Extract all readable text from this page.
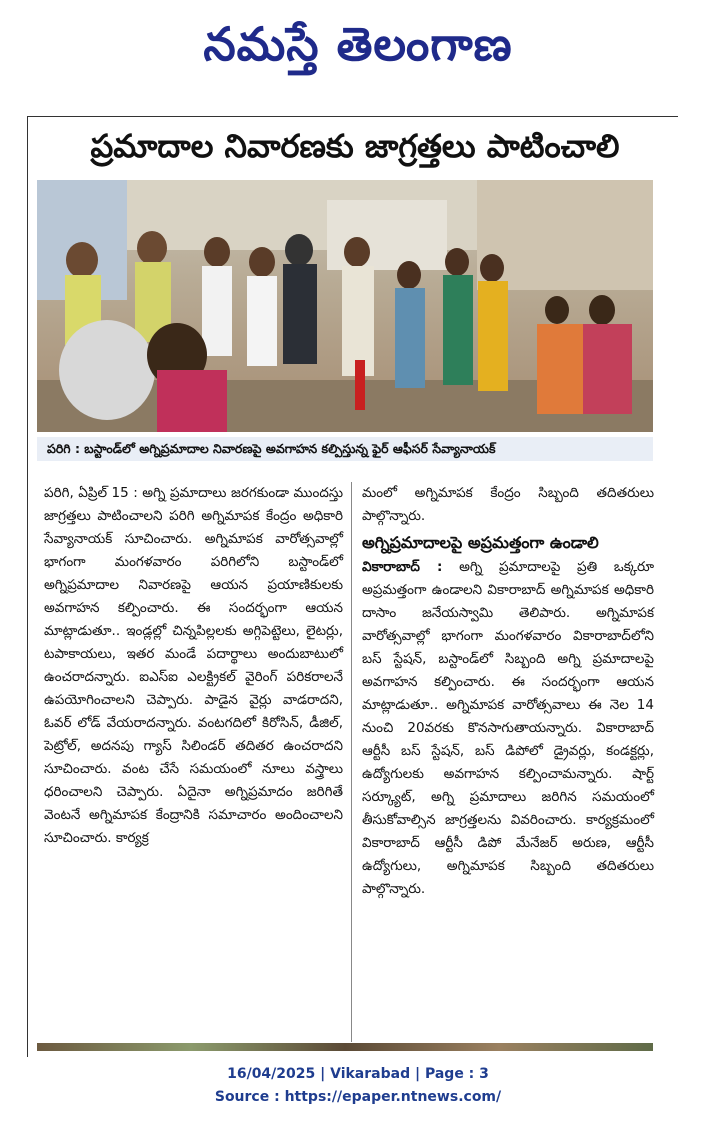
నమస్తే తెలంగాణ
ప్రమాదాల నివారణకు జాగ్రత్తలు పాటించాలి
పరిగి : బస్టాండ్‌లో అగ్నిప్రమాదాల నివారణపై అవగాహన కల్పిస్తున్న ఫైర్ ఆఫీసర్ సేవ్యానాయక్

పరిగి, ఏప్రిల్ 15 : అగ్ని ప్రమాదాలు జరగకుండా ముందస్తు జాగ్రత్తలు పాటించాలని పరిగి అగ్నిమాపక కేంద్రం అధికారి సేవ్యానాయక్ సూచించారు. అగ్నిమాపక వారోత్సవాల్లో భాగంగా మంగళవారం పరిగిలోని బస్టాండ్‌లో అగ్నిప్రమాదాల నివారణపై ఆయన ప్రయాణికులకు అవగాహన కల్పించారు. ఈ సందర్భంగా ఆయన మాట్లాడుతూ.. ఇండ్లల్లో చిన్నపిల్లలకు అగ్గిపెట్టెలు, లైటర్లు, టపాకాయలు, ఇతర మండే పదార్థాలు అందుబాటులో ఉంచరాదన్నారు. ఐఎస్ఐ ఎలక్ట్రికల్ వైరింగ్ పరికరాలనే ఉపయోగించాలని చెప్పారు. పాడైన వైర్లు వాడరాదని, ఓవర్ లోడ్ వేయరాదన్నారు. వంటగదిలో కిరోసిన్, డీజిల్, పెట్రోల్, అదనపు గ్యాస్ సిలిండర్ తదితర ఉంచరాదని సూచించారు. వంట చేసే సమయంలో నూలు వస్త్రాలు ధరించాలని చెప్పారు. ఏదైనా అగ్నిప్రమాదం జరిగితే వెంటనే అగ్నిమాపక కేంద్రానికి సమాచారం అందించాలని సూచించారు. కార్యక్ర

మంలో అగ్నిమాపక కేంద్రం సిబ్బంది తదితరులు పాల్గొన్నారు.

అగ్నిప్రమాదాలపై అప్రమత్తంగా ఉండాలి

వికారాబాద్ : అగ్ని ప్రమాదాలపై ప్రతి ఒక్కరూ అప్రమత్తంగా ఉండాలని వికారాబాద్ అగ్నిమాపక అధికారి దాసాం జనేయస్వామి తెలిపారు. అగ్నిమాపక వారోత్సవాల్లో భాగంగా మంగళవారం వికారాబాద్‌లోని బస్ స్టేషన్, బస్టాండ్‌లో సిబ్బంది అగ్ని ప్రమాదాలపై అవగాహన కల్పించారు. ఈ సందర్భంగా ఆయన మాట్లాడుతూ.. అగ్నిమాపక వారోత్సవాలు ఈ నెల 14 నుంచి 20వరకు కొనసాగుతాయన్నారు. వికారాబాద్ ఆర్టీసీ బస్ స్టేషన్, బస్ డిపోలో డ్రైవర్లు, కండక్టర్లు, ఉద్యోగులకు అవగాహన కల్పించామన్నారు. షార్ట్ సర్క్యూట్, అగ్ని ప్రమాదాలు జరిగిన సమయంలో తీసుకోవాల్సిన జాగ్రత్తలను వివరించారు. కార్యక్రమంలో వికారాబాద్ ఆర్టీసీ డిపో మేనేజర్ అరుణ, ఆర్టీసీ ఉద్యోగులు, అగ్నిమాపక సిబ్బంది తదితరులు పాల్గొన్నారు.

16/04/2025 | Vikarabad | Page : 3
Source : https://epaper.ntnews.com/
